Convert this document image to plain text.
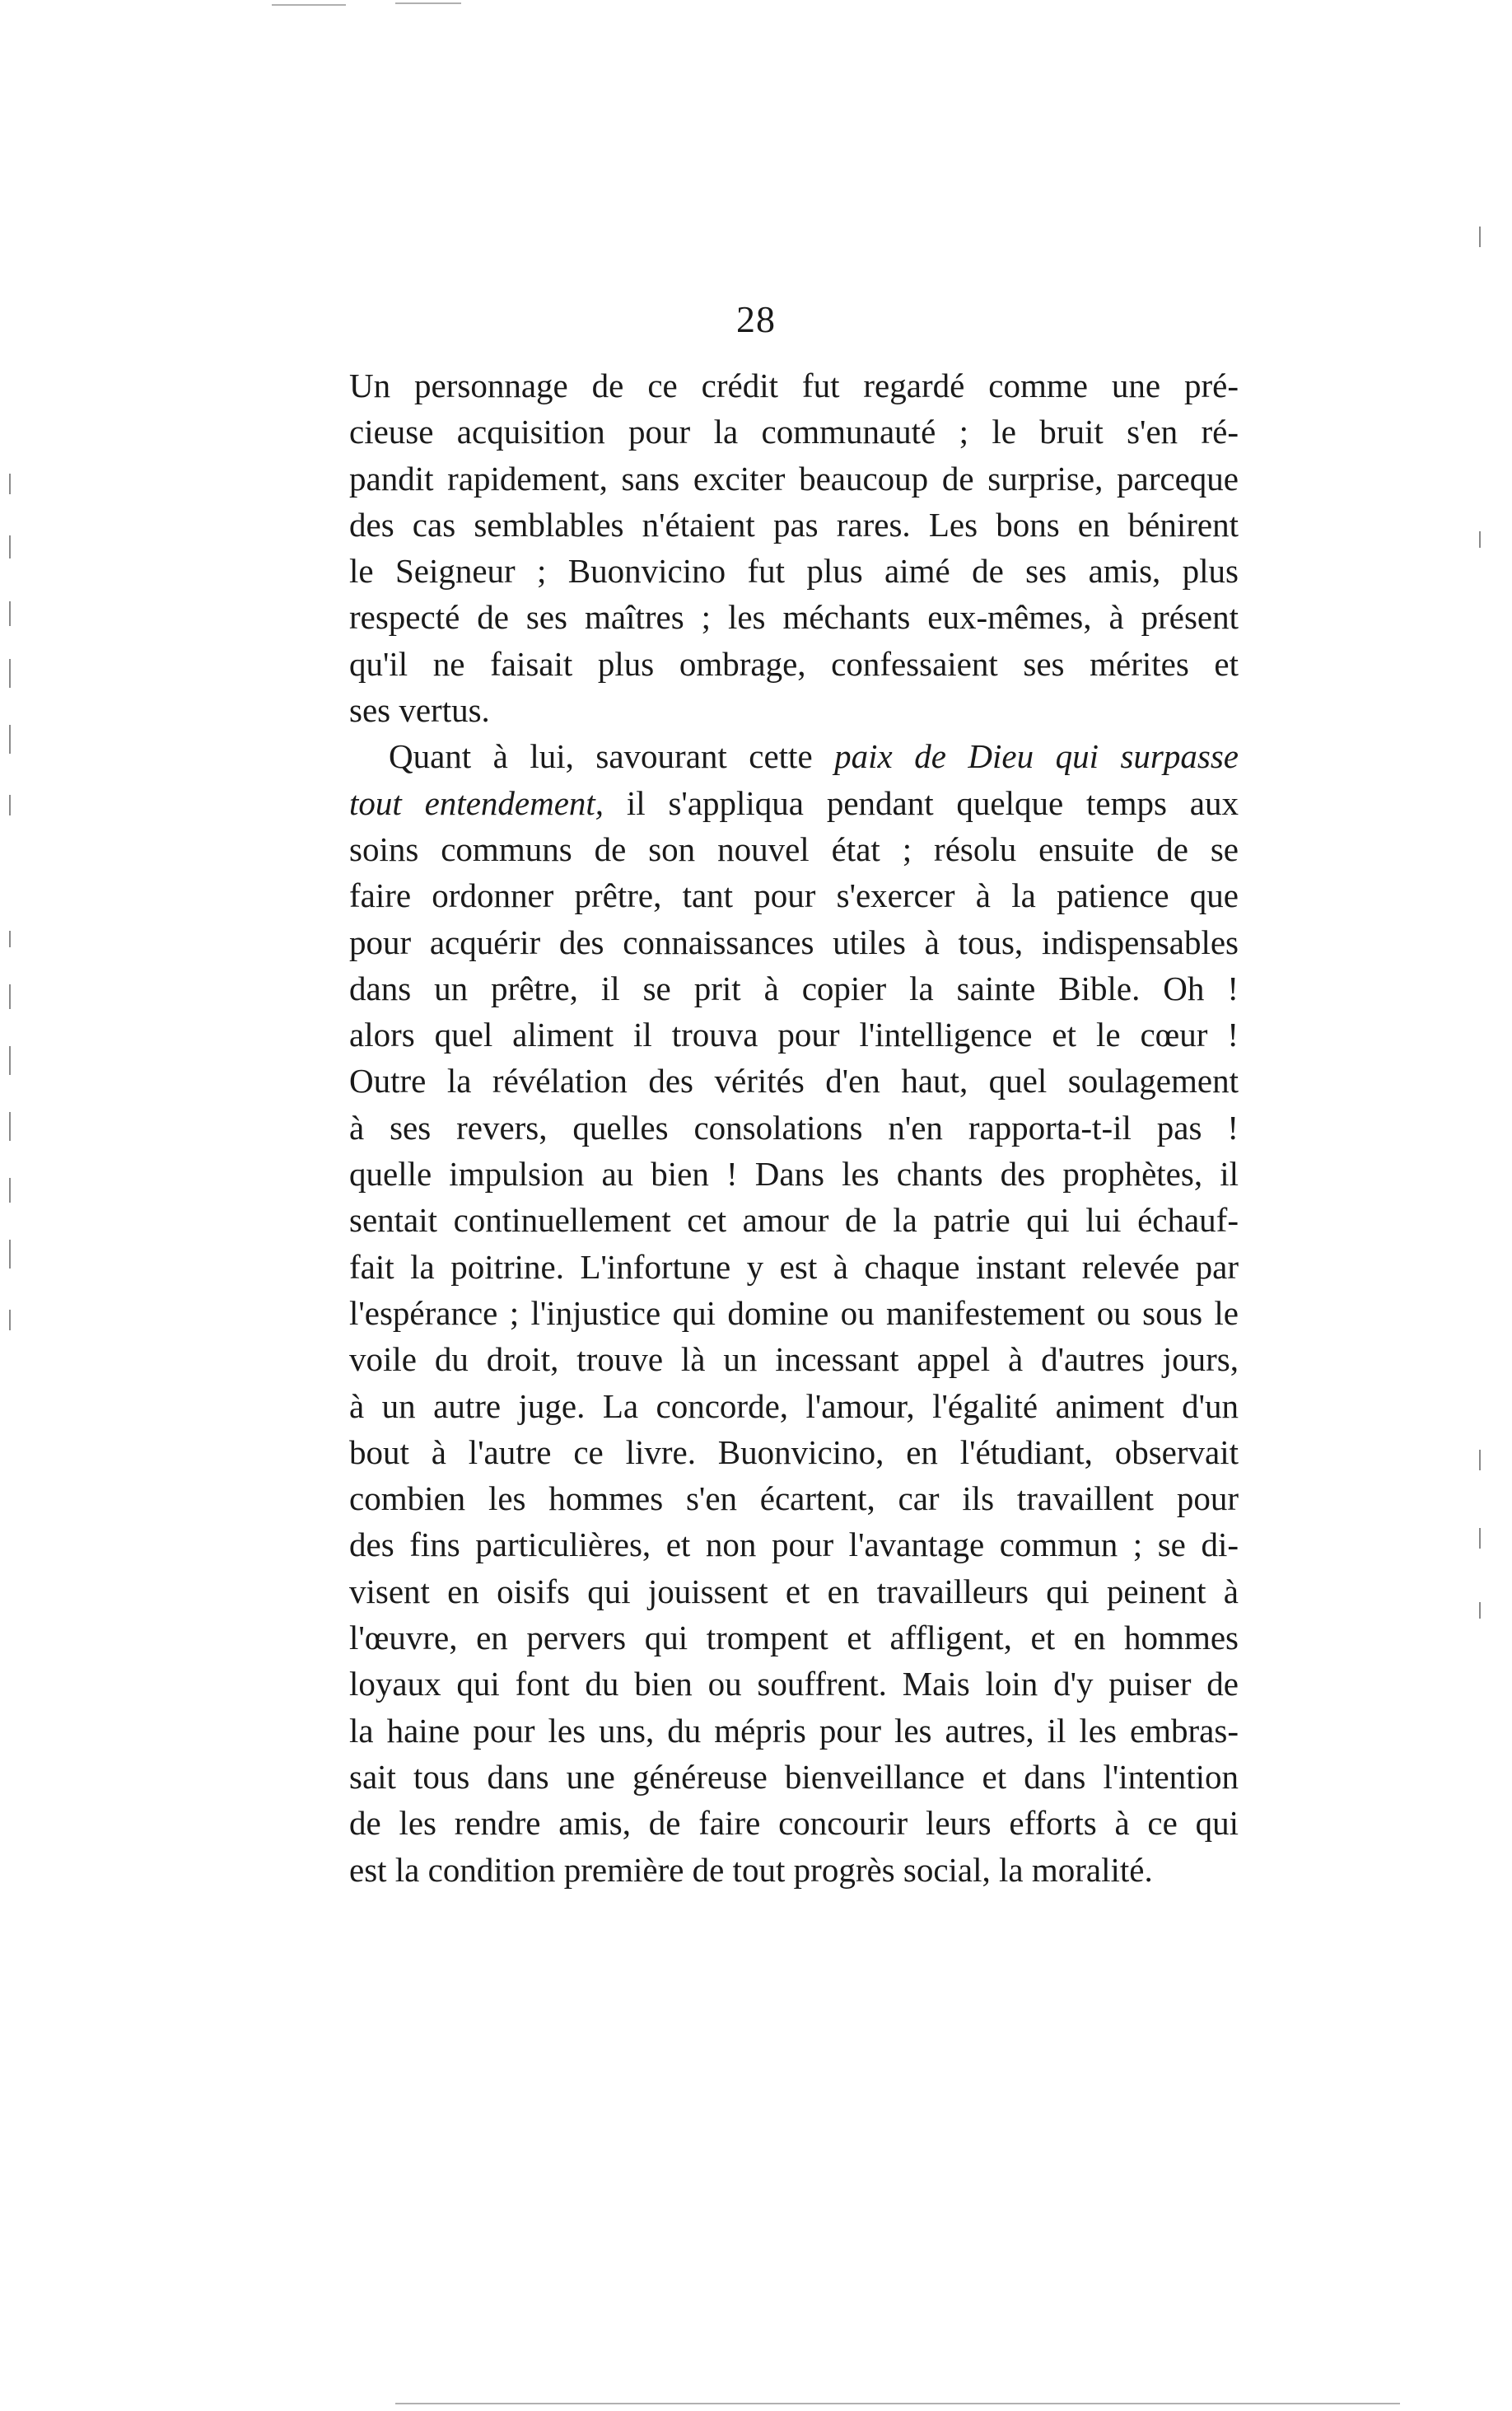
28
Un personnage de ce crédit fut regardé comme une pré-
cieuse acquisition pour la communauté ; le bruit s'en ré-
pandit rapidement, sans exciter beaucoup de surprise, parceque
des cas semblables n'étaient pas rares. Les bons en bénirent
le Seigneur ; Buonvicino fut plus aimé de ses amis, plus
respecté de ses maîtres ; les méchants eux-mêmes, à présent
qu'il ne faisait plus ombrage, confessaient ses mérites et
ses vertus.
Quant à lui, savourant cette paix de Dieu qui surpasse
tout entendement, il s'appliqua pendant quelque temps aux
soins communs de son nouvel état ; résolu ensuite de se
faire ordonner prêtre, tant pour s'exercer à la patience que
pour acquérir des connaissances utiles à tous, indispensables
dans un prêtre, il se prit à copier la sainte Bible. Oh !
alors quel aliment il trouva pour l'intelligence et le cœur !
Outre la révélation des vérités d'en haut, quel soulagement
à ses revers, quelles consolations n'en rapporta-t-il pas !
quelle impulsion au bien ! Dans les chants des prophètes, il
sentait continuellement cet amour de la patrie qui lui échauf-
fait la poitrine. L'infortune y est à chaque instant relevée par
l'espérance ; l'injustice qui domine ou manifestement ou sous le
voile du droit, trouve là un incessant appel à d'autres jours,
à un autre juge. La concorde, l'amour, l'égalité animent d'un
bout à l'autre ce livre. Buonvicino, en l'étudiant, observait
combien les hommes s'en écartent, car ils travaillent pour
des fins particulières, et non pour l'avantage commun ; se di-
visent en oisifs qui jouissent et en travailleurs qui peinent à
l'œuvre, en pervers qui trompent et affligent, et en hommes
loyaux qui font du bien ou souffrent. Mais loin d'y puiser de
la haine pour les uns, du mépris pour les autres, il les embras-
sait tous dans une généreuse bienveillance et dans l'intention
de les rendre amis, de faire concourir leurs efforts à ce qui
est la condition première de tout progrès social, la moralité.
